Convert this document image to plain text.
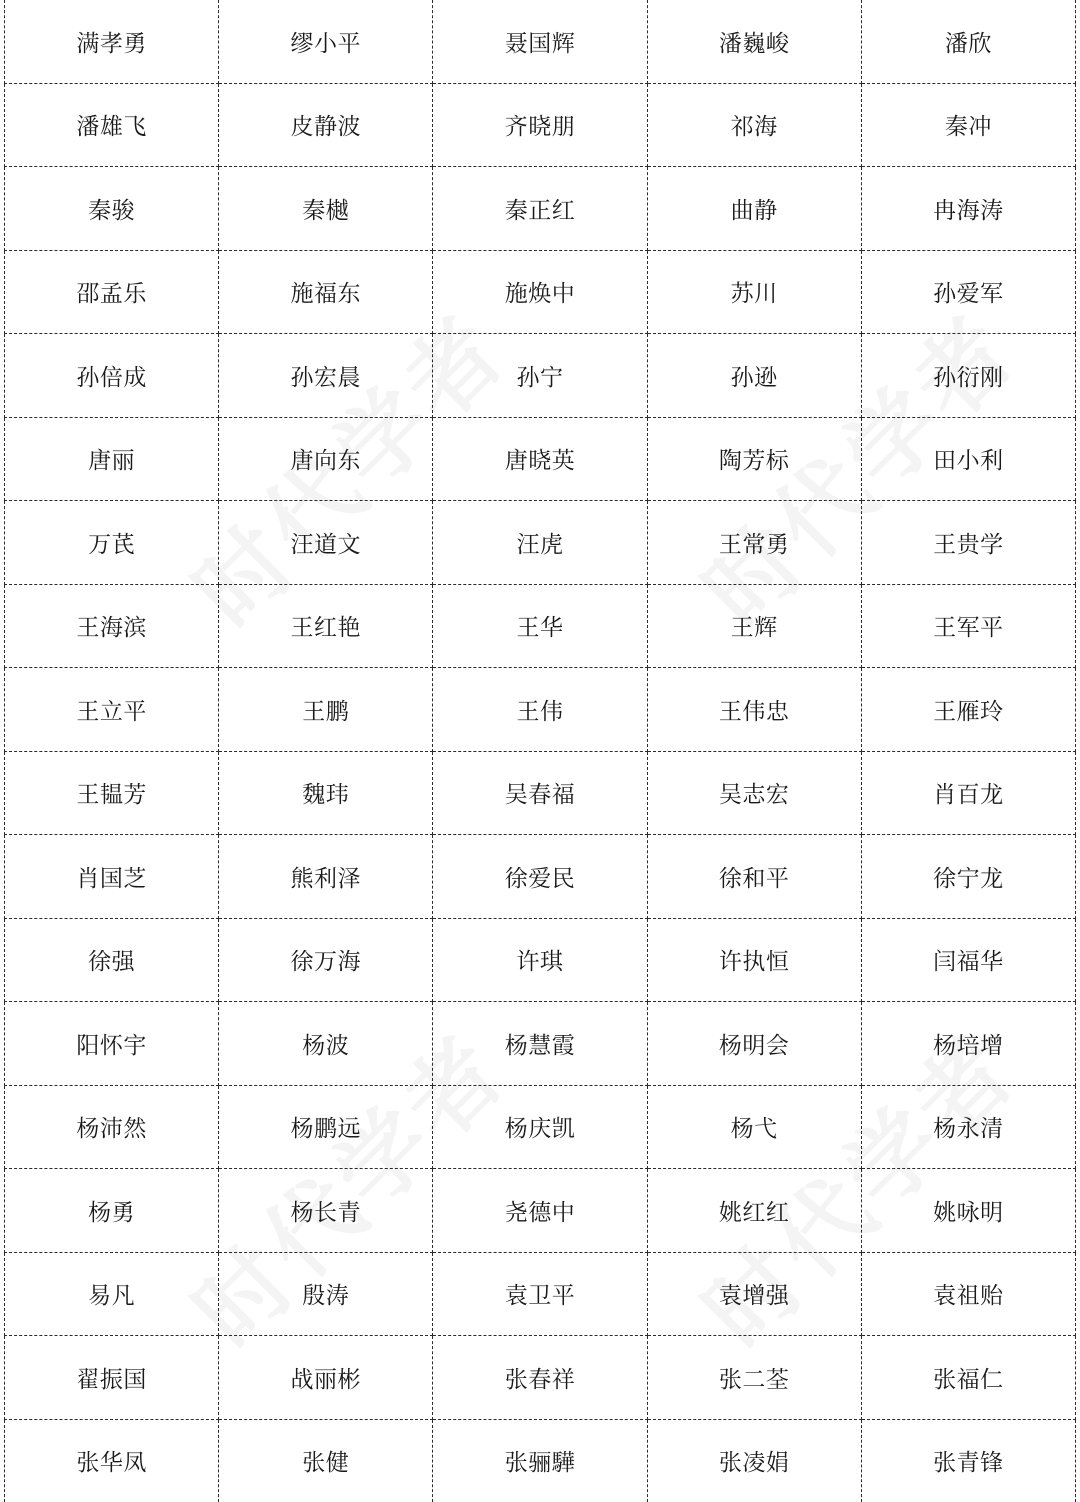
满孝勇	缪小平	聂国辉	潘巍峻	潘欣
潘雄飞	皮静波	齐晓朋	祁海	秦冲
秦骏	秦樾	秦正红	曲静	冉海涛
邵孟乐	施福东	施焕中	苏川	孙爱军
孙倍成	孙宏晨	孙宁	孙逊	孙衍刚
唐丽	唐向东	唐晓英	陶芳标	田小利
万芪	汪道文	汪虎	王常勇	王贵学
王海滨	王红艳	王华	王辉	王军平
王立平	王鹏	王伟	王伟忠	王雁玲
王韫芳	魏玮	吴春福	吴志宏	肖百龙
肖国芝	熊利泽	徐爱民	徐和平	徐宁龙
徐强	徐万海	许琪	许执恒	闫福华
阳怀宇	杨波	杨慧霞	杨明会	杨培增
杨沛然	杨鹏远	杨庆凯	杨弋	杨永清
杨勇	杨长青	尧德中	姚红红	姚咏明
易凡	殷涛	袁卫平	袁增强	袁祖贻
翟振国	战丽彬	张春祥	张二荃	张福仁
张华凤	张健	张骊驊	张凌娟	张青锋
